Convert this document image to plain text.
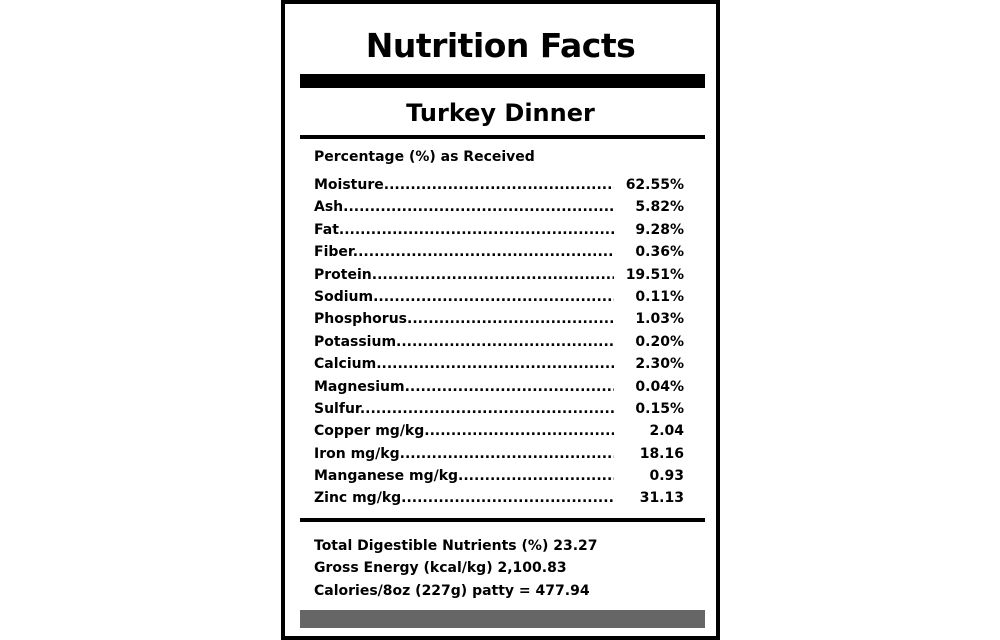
Nutrition Facts
Turkey Dinner
Percentage (%) as Received
Moisture .....	62.55%
Ash .....	5.82%
Fat .....	9.28%
Fiber .....	0.36%
Protein .....	19.51%
Sodium .....	0.11%
Phosphorus .....	1.03%
Potassium .....	0.20%
Calcium .....	2.30%
Magnesium .....	0.04%
Sulfur .....	0.15%
Copper mg/kg .....	2.04
Iron mg/kg .....	18.16
Manganese mg/kg .....	0.93
Zinc mg/kg .....	31.13
Total Digestible Nutrients (%) 23.27
Gross Energy (kcal/kg) 2,100.83
Calories/8oz (227g) patty = 477.94
